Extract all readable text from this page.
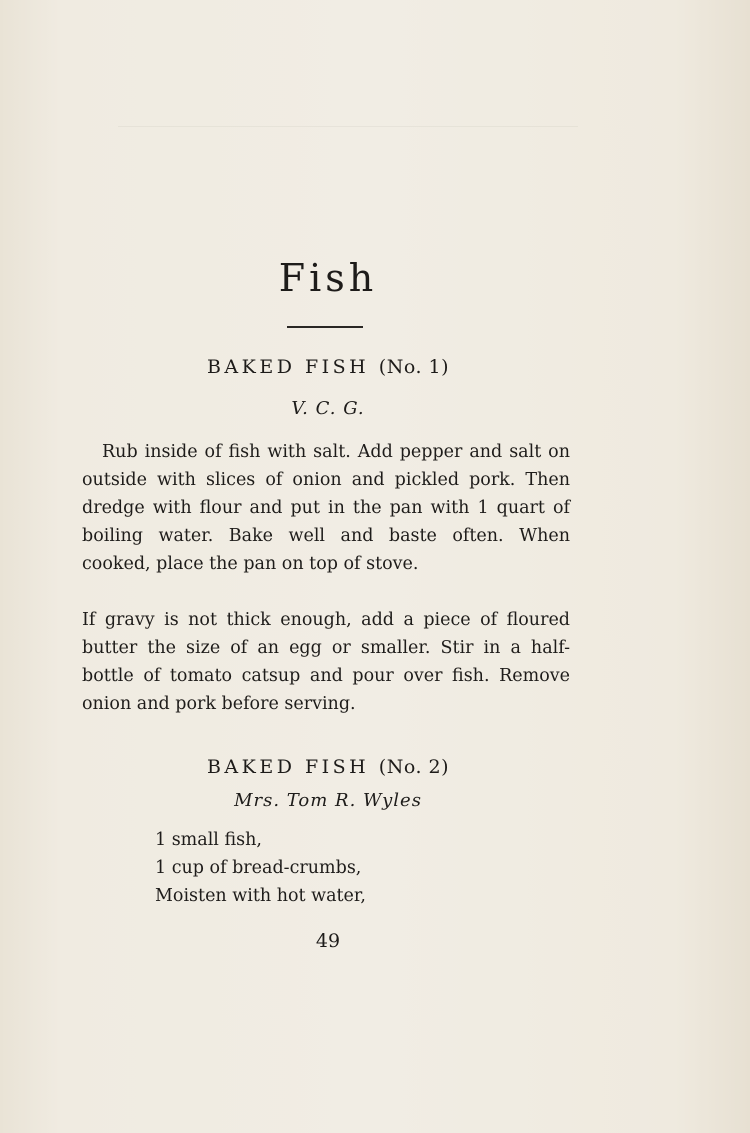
Fish
BAKED FISH (No. 1)

V. C. G.

Rub inside of fish with salt. Add pepper and salt on outside with slices of onion and pickled pork. Then dredge with flour and put in the pan with 1 quart of boiling water. Bake well and baste often. When cooked, place the pan on top of stove.

If gravy is not thick enough, add a piece of floured butter the size of an egg or smaller. Stir in a half-bottle of tomato catsup and pour over fish. Remove onion and pork before serving.

BAKED FISH (No. 2)

Mrs. Tom R. Wyles

1 small fish,
1 cup of bread-crumbs,
Moisten with hot water,

49
